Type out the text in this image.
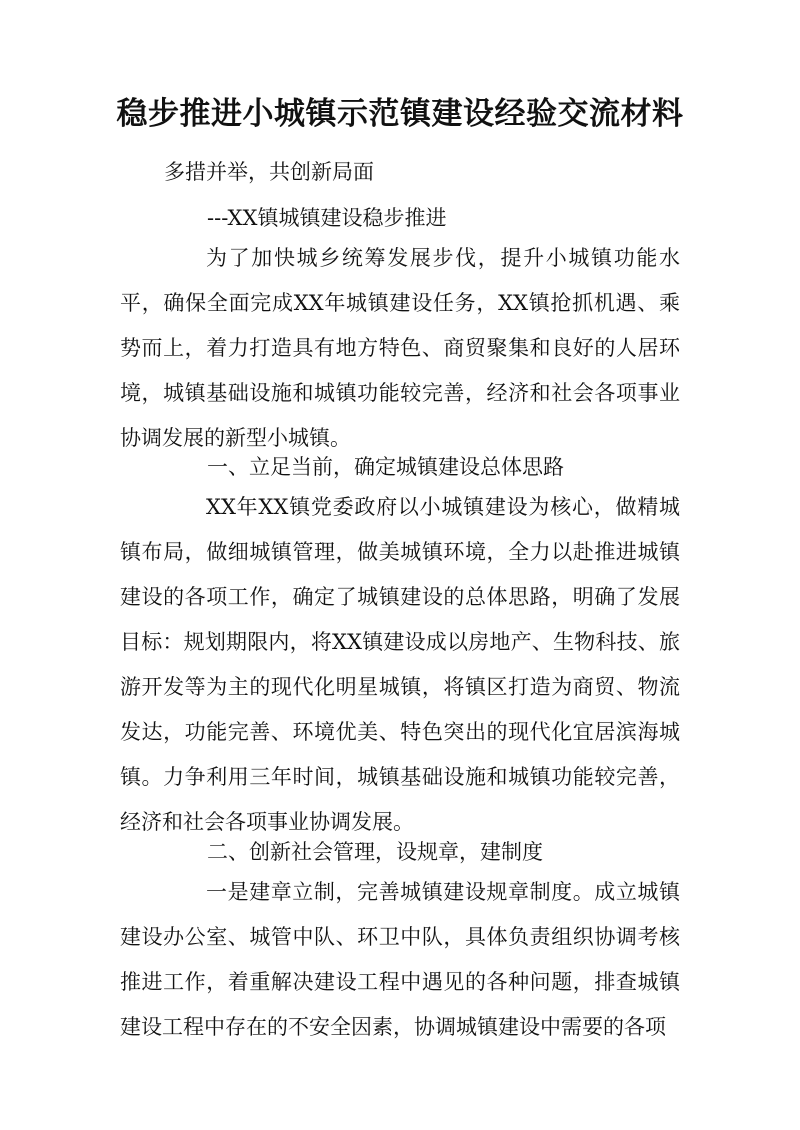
稳步推进小城镇示范镇建设经验交流材料

多措并举，共创新局面

---XX镇城镇建设稳步推进

为了加快城乡统筹发展步伐，提升小城镇功能水平，确保全面完成XX年城镇建设任务，XX镇抢抓机遇、乘势而上，着力打造具有地方特色、商贸聚集和良好的人居环境，城镇基础设施和城镇功能较完善，经济和社会各项事业协调发展的新型小城镇。

一、立足当前，确定城镇建设总体思路

XX年XX镇党委政府以小城镇建设为核心，做精城镇布局，做细城镇管理，做美城镇环境，全力以赴推进城镇建设的各项工作，确定了城镇建设的总体思路，明确了发展目标：规划期限内，将XX镇建设成以房地产、生物科技、旅游开发等为主的现代化明星城镇，将镇区打造为商贸、物流发达，功能完善、环境优美、特色突出的现代化宜居滨海城镇。力争利用三年时间，城镇基础设施和城镇功能较完善，经济和社会各项事业协调发展。

二、创新社会管理，设规章，建制度

一是建章立制，完善城镇建设规章制度。成立城镇建设办公室、城管中队、环卫中队，具体负责组织协调考核推进工作，着重解决建设工程中遇见的各种问题，排查城镇建设工程中存在的不安全因素，协调城镇建设中需要的各项
